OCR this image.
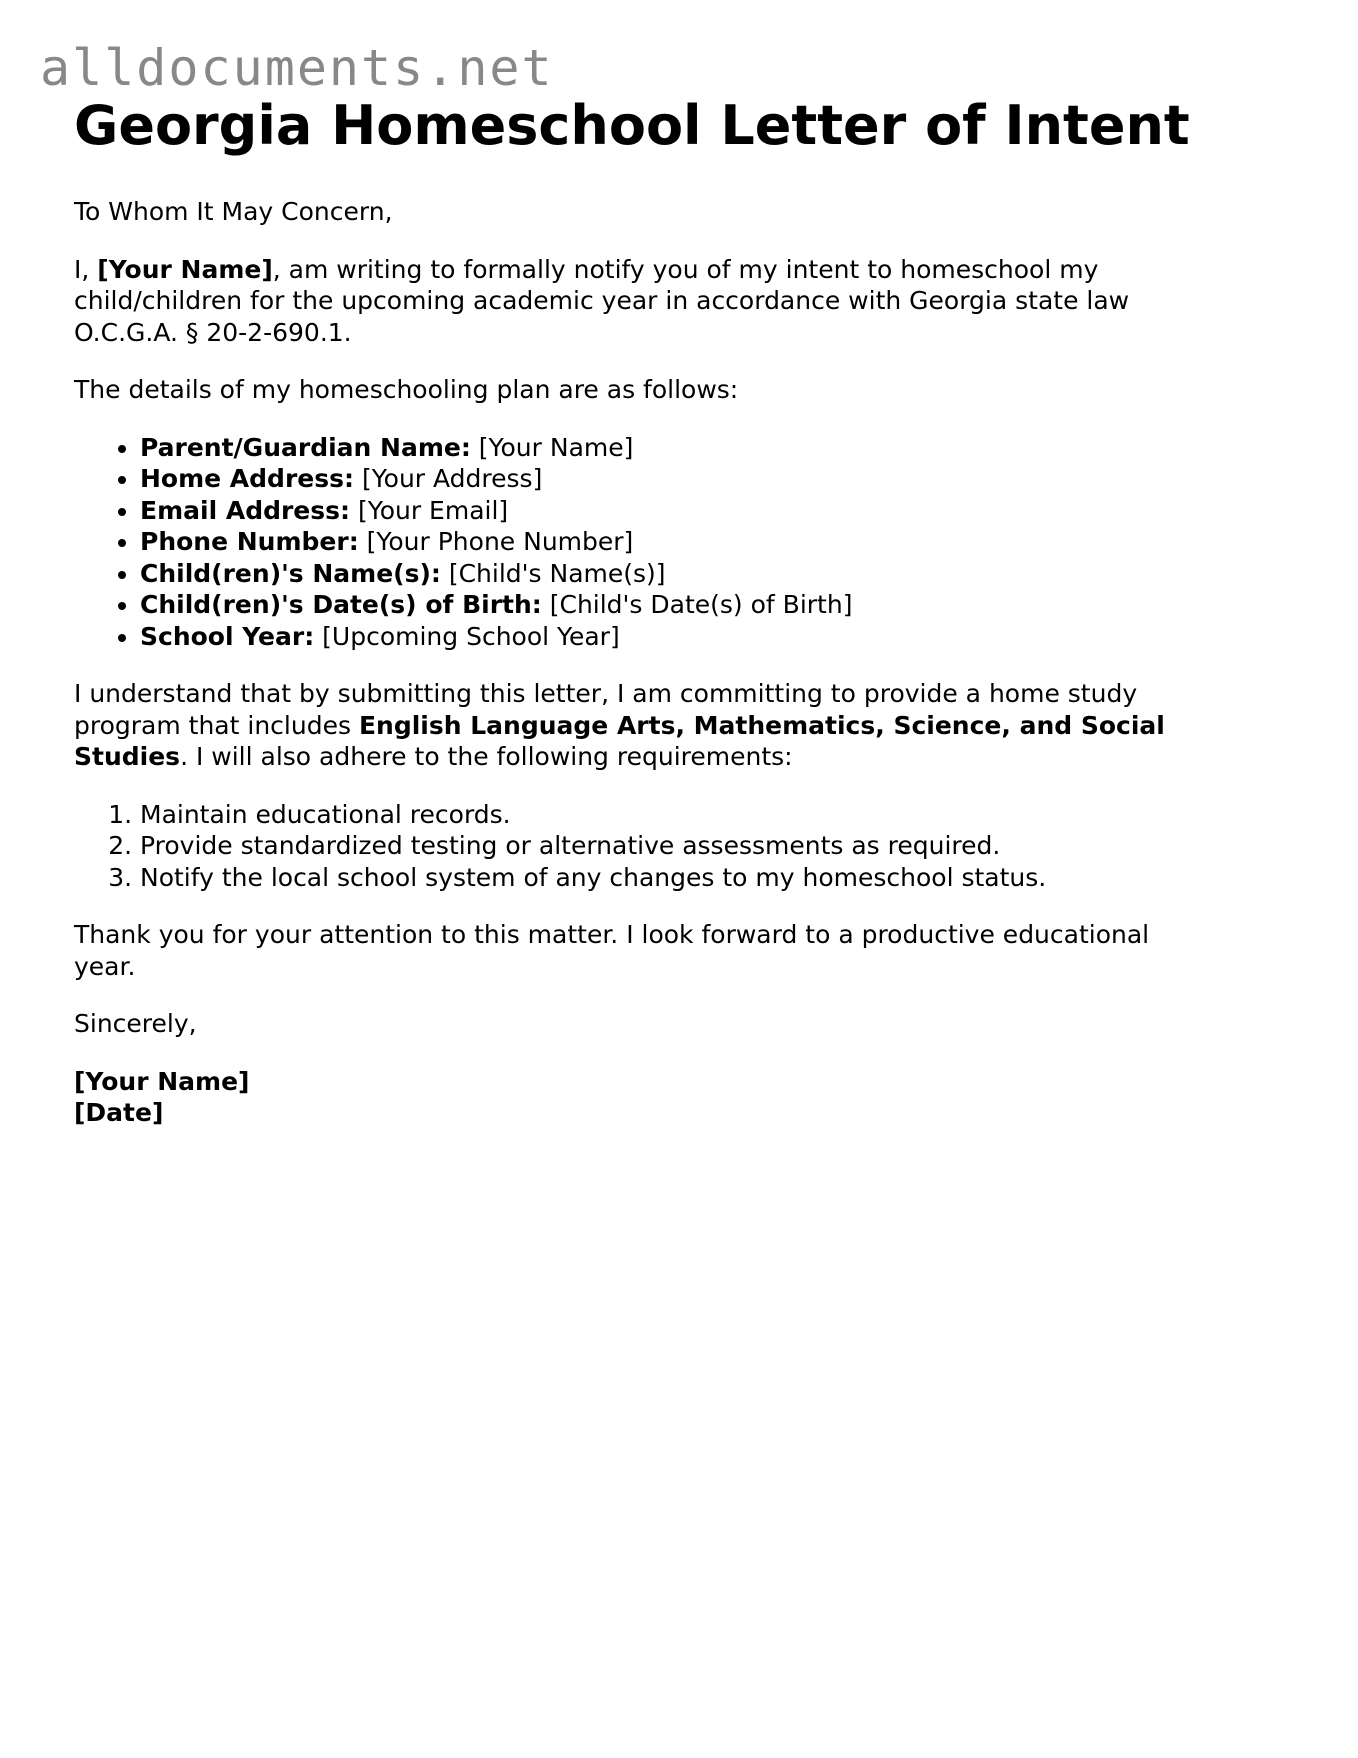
alldocuments.net
Georgia Homeschool Letter of Intent

To Whom It May Concern,

I, [Your Name], am writing to formally notify you of my intent to homeschool my
child/children for the upcoming academic year in accordance with Georgia state law
O.C.G.A. § 20-2-690.1.

The details of my homeschooling plan are as follows:

• Parent/Guardian Name: [Your Name]
• Home Address: [Your Address]
• Email Address: [Your Email]
• Phone Number: [Your Phone Number]
• Child(ren)'s Name(s): [Child's Name(s)]
• Child(ren)'s Date(s) of Birth: [Child's Date(s) of Birth]
• School Year: [Upcoming School Year]

I understand that by submitting this letter, I am committing to provide a home study
program that includes English Language Arts, Mathematics, Science, and Social
Studies. I will also adhere to the following requirements:

1. Maintain educational records.
2. Provide standardized testing or alternative assessments as required.
3. Notify the local school system of any changes to my homeschool status.

Thank you for your attention to this matter. I look forward to a productive educational
year.

Sincerely,

[Your Name]
[Date]
